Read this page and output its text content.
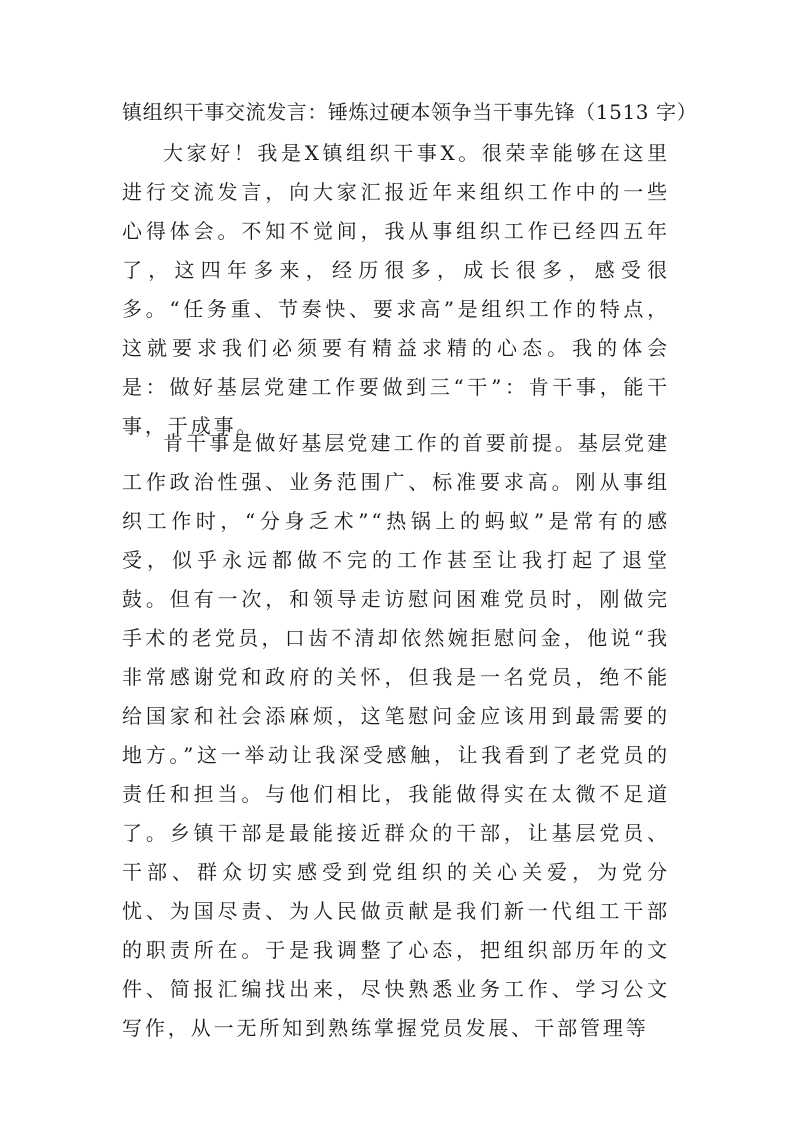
镇组织干事交流发言：锤炼过硬本领争当干事先锋（1513 字）

大家好！我是X镇组织干事X。很荣幸能够在这里进行交流发言，向大家汇报近年来组织工作中的一些心得体会。不知不觉间，我从事组织工作已经四五年了，这四年多来，经历很多，成长很多，感受很多。“任务重、节奏快、要求高”是组织工作的特点，这就要求我们必须要有精益求精的心态。我的体会是：做好基层党建工作要做到三“干”：肯干事，能干事，干成事。

肯干事是做好基层党建工作的首要前提。基层党建工作政治性强、业务范围广、标准要求高。刚从事组织工作时，“分身乏术”“热锅上的蚂蚁”是常有的感受，似乎永远都做不完的工作甚至让我打起了退堂鼓。但有一次，和领导走访慰问困难党员时，刚做完手术的老党员，口齿不清却依然婉拒慰问金，他说“我非常感谢党和政府的关怀，但我是一名党员，绝不能给国家和社会添麻烦，这笔慰问金应该用到最需要的地方。”这一举动让我深受感触，让我看到了老党员的责任和担当。与他们相比，我能做得实在太微不足道了。乡镇干部是最能接近群众的干部，让基层党员、干部、群众切实感受到党组织的关心关爱，为党分忧、为国尽责、为人民做贡献是我们新一代组工干部的职责所在。于是我调整了心态，把组织部历年的文件、简报汇编找出来，尽快熟悉业务工作、学习公文写作，从一无所知到熟练掌握党员发展、干部管理等
